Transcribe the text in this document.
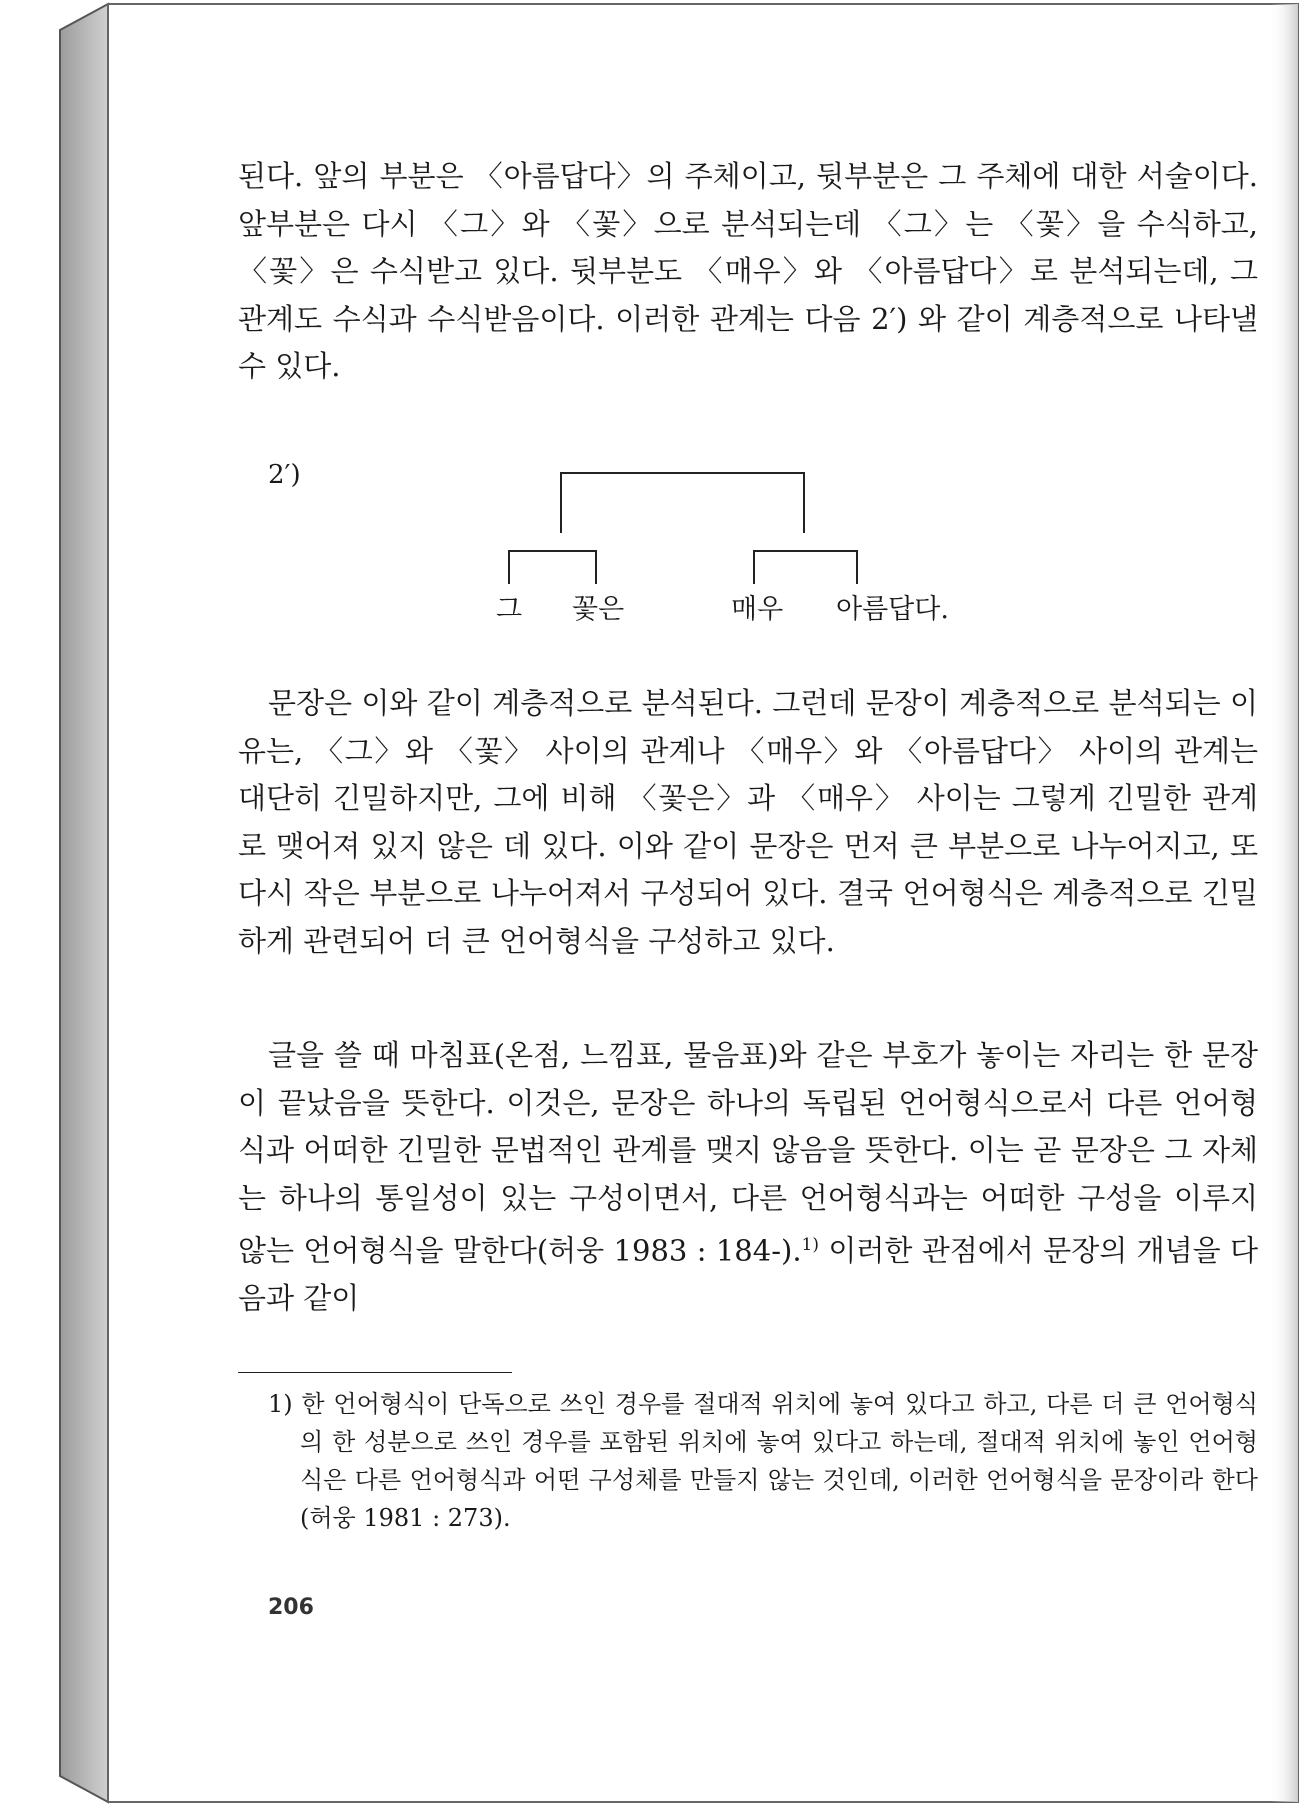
된다. 앞의 부분은 〈아름답다〉의 주체이고, 뒷부분은 그 주체에 대한 서술이다. 앞부분은 다시 〈그〉와 〈꽃〉으로 분석되는데 〈그〉는 〈꽃〉을 수식하고, 〈꽃〉은 수식받고 있다. 뒷부분도 〈매우〉와 〈아름답다〉로 분석되는데, 그 관계도 수식과 수식받음이다. 이러한 관계는 다음 2′) 와 같이 계층적으로 나타낼 수 있다.

2′)
그 꽃은	매우 아름답다.

문장은 이와 같이 계층적으로 분석된다. 그런데 문장이 계층적으로 분석되는 이유는, 〈그〉와 〈꽃〉 사이의 관계나 〈매우〉와 〈아름답다〉 사이의 관계는 대단히 긴밀하지만, 그에 비해 〈꽃은〉과 〈매우〉 사이는 그렇게 긴밀한 관계로 맺어져 있지 않은 데 있다. 이와 같이 문장은 먼저 큰 부분으로 나누어지고, 또 다시 작은 부분으로 나누어져서 구성되어 있다. 결국 언어형식은 계층적으로 긴밀하게 관련되어 더 큰 언어형식을 구성하고 있다.

글을 쓸 때 마침표(온점, 느낌표, 물음표)와 같은 부호가 놓이는 자리는 한 문장이 끝났음을 뜻한다. 이것은, 문장은 하나의 독립된 언어형식으로서 다른 언어형식과 어떠한 긴밀한 문법적인 관계를 맺지 않음을 뜻한다. 이는 곧 문장은 그 자체는 하나의 통일성이 있는 구성이면서, 다른 언어형식과는 어떠한 구성을 이루지 않는 언어형식을 말한다(허웅 1983 : 184-).$^{1)}$ 이러한 관점에서 문장의 개념을 다음과 같이

1) 한 언어형식이 단독으로 쓰인 경우를 절대적 위치에 놓여 있다고 하고, 다른 더 큰 언어형식의 한 성분으로 쓰인 경우를 포함된 위치에 놓여 있다고 하는데, 절대적 위치에 놓인 언어형식은 다른 언어형식과 어떤 구성체를 만들지 않는 것인데, 이러한 언어형식을 문장이라 한다(허웅 1981 : 273).

206
